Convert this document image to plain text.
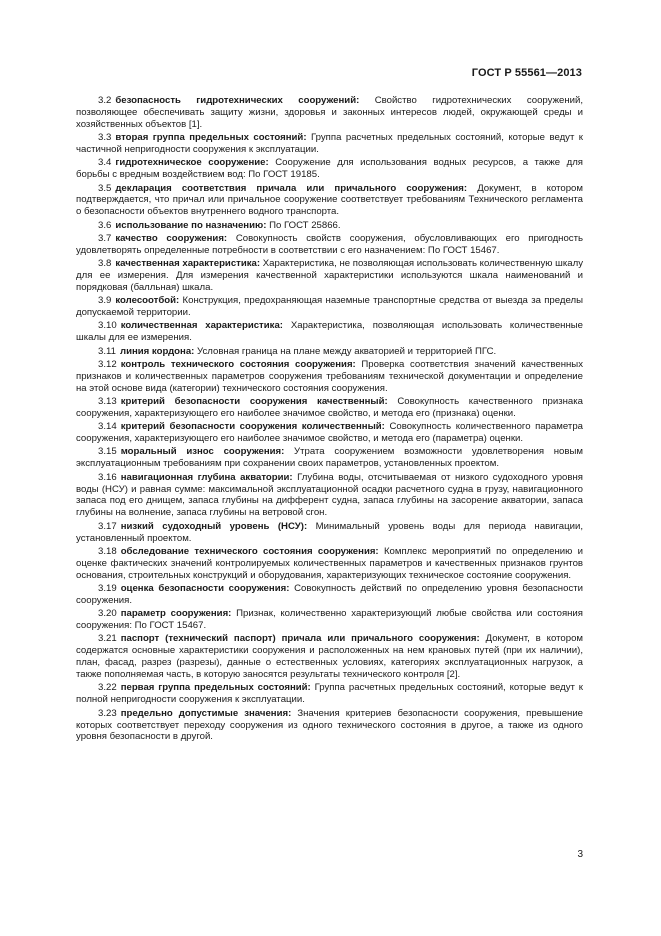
ГОСТ Р 55561—2013

3.2 безопасность гидротехнических сооружений: Свойство гидротехнических сооружений, позволяющее обеспечивать защиту жизни, здоровья и законных интересов людей, окружающей среды и хозяйственных объектов [1].

3.3 вторая группа предельных состояний: Группа расчетных предельных состояний, которые ведут к частичной непригодности сооружения к эксплуатации.

3.4 гидротехническое сооружение: Сооружение для использования водных ресурсов, а также для борьбы с вредным воздействием вод: По ГОСТ 19185.

3.5 декларация соответствия причала или причального сооружения: Документ, в котором подтверждается, что причал или причальное сооружение соответствует требованиям Технического регламента о безопасности объектов внутреннего водного транспорта.

3.6 использование по назначению: По ГОСТ 25866.

3.7 качество сооружения: Совокупность свойств сооружения, обусловливающих его пригодность удовлетворять определенные потребности в соответствии с его назначением: По ГОСТ 15467.

3.8 качественная характеристика: Характеристика, не позволяющая использовать количественную шкалу для ее измерения. Для измерения качественной характеристики используются шкала наименований и порядковая (балльная) шкала.

3.9 колесоотбой: Конструкция, предохраняющая наземные транспортные средства от выезда за пределы допускаемой территории.

3.10 количественная характеристика: Характеристика, позволяющая использовать количественные шкалы для ее измерения.

3.11 линия кордона: Условная граница на плане между акваторией и территорией ПГС.

3.12 контроль технического состояния сооружения: Проверка соответствия значений качественных признаков и количественных параметров сооружения требованиям технической документации и определение на этой основе вида (категории) технического состояния сооружения.

3.13 критерий безопасности сооружения качественный: Совокупность качественного признака сооружения, характеризующего его наиболее значимое свойство, и метода его (признака) оценки.

3.14 критерий безопасности сооружения количественный: Совокупность количественного параметра сооружения, характеризующего его наиболее значимое свойство, и метода его (параметра) оценки.

3.15 моральный износ сооружения: Утрата сооружением возможности удовлетворения новым эксплуатационным требованиям при сохранении своих параметров, установленных проектом.

3.16 навигационная глубина акватории: Глубина воды, отсчитываемая от низкого судоходного уровня воды (НСУ) и равная сумме: максимальной эксплуатационной осадки расчетного судна в грузу, навигационного запаса под его днищем, запаса глубины на дифферент судна, запаса глубины на засорение акватории, запаса глубины на волнение, запаса глубины на ветровой сгон.

3.17 низкий судоходный уровень (НСУ): Минимальный уровень воды для периода навигации, установленный проектом.

3.18 обследование технического состояния сооружения: Комплекс мероприятий по определению и оценке фактических значений контролируемых количественных параметров и качественных признаков грунтов основания, строительных конструкций и оборудования, характеризующих техническое состояние сооружения.

3.19 оценка безопасности сооружения: Совокупность действий по определению уровня безопасности сооружения.

3.20 параметр сооружения: Признак, количественно характеризующий любые свойства или состояния сооружения: По ГОСТ 15467.

3.21 паспорт (технический паспорт) причала или причального сооружения: Документ, в котором содержатся основные характеристики сооружения и расположенных на нем крановых путей (при их наличии), план, фасад, разрез (разрезы), данные о естественных условиях, категориях эксплуатационных нагрузок, а также пополняемая часть, в которую заносятся результаты технического контроля [2].

3.22 первая группа предельных состояний: Группа расчетных предельных состояний, которые ведут к полной непригодности сооружения к эксплуатации.

3.23 предельно допустимые значения: Значения критериев безопасности сооружения, превышение которых соответствует переходу сооружения из одного технического состояния в другое, а также из одного уровня безопасности в другой.

3
